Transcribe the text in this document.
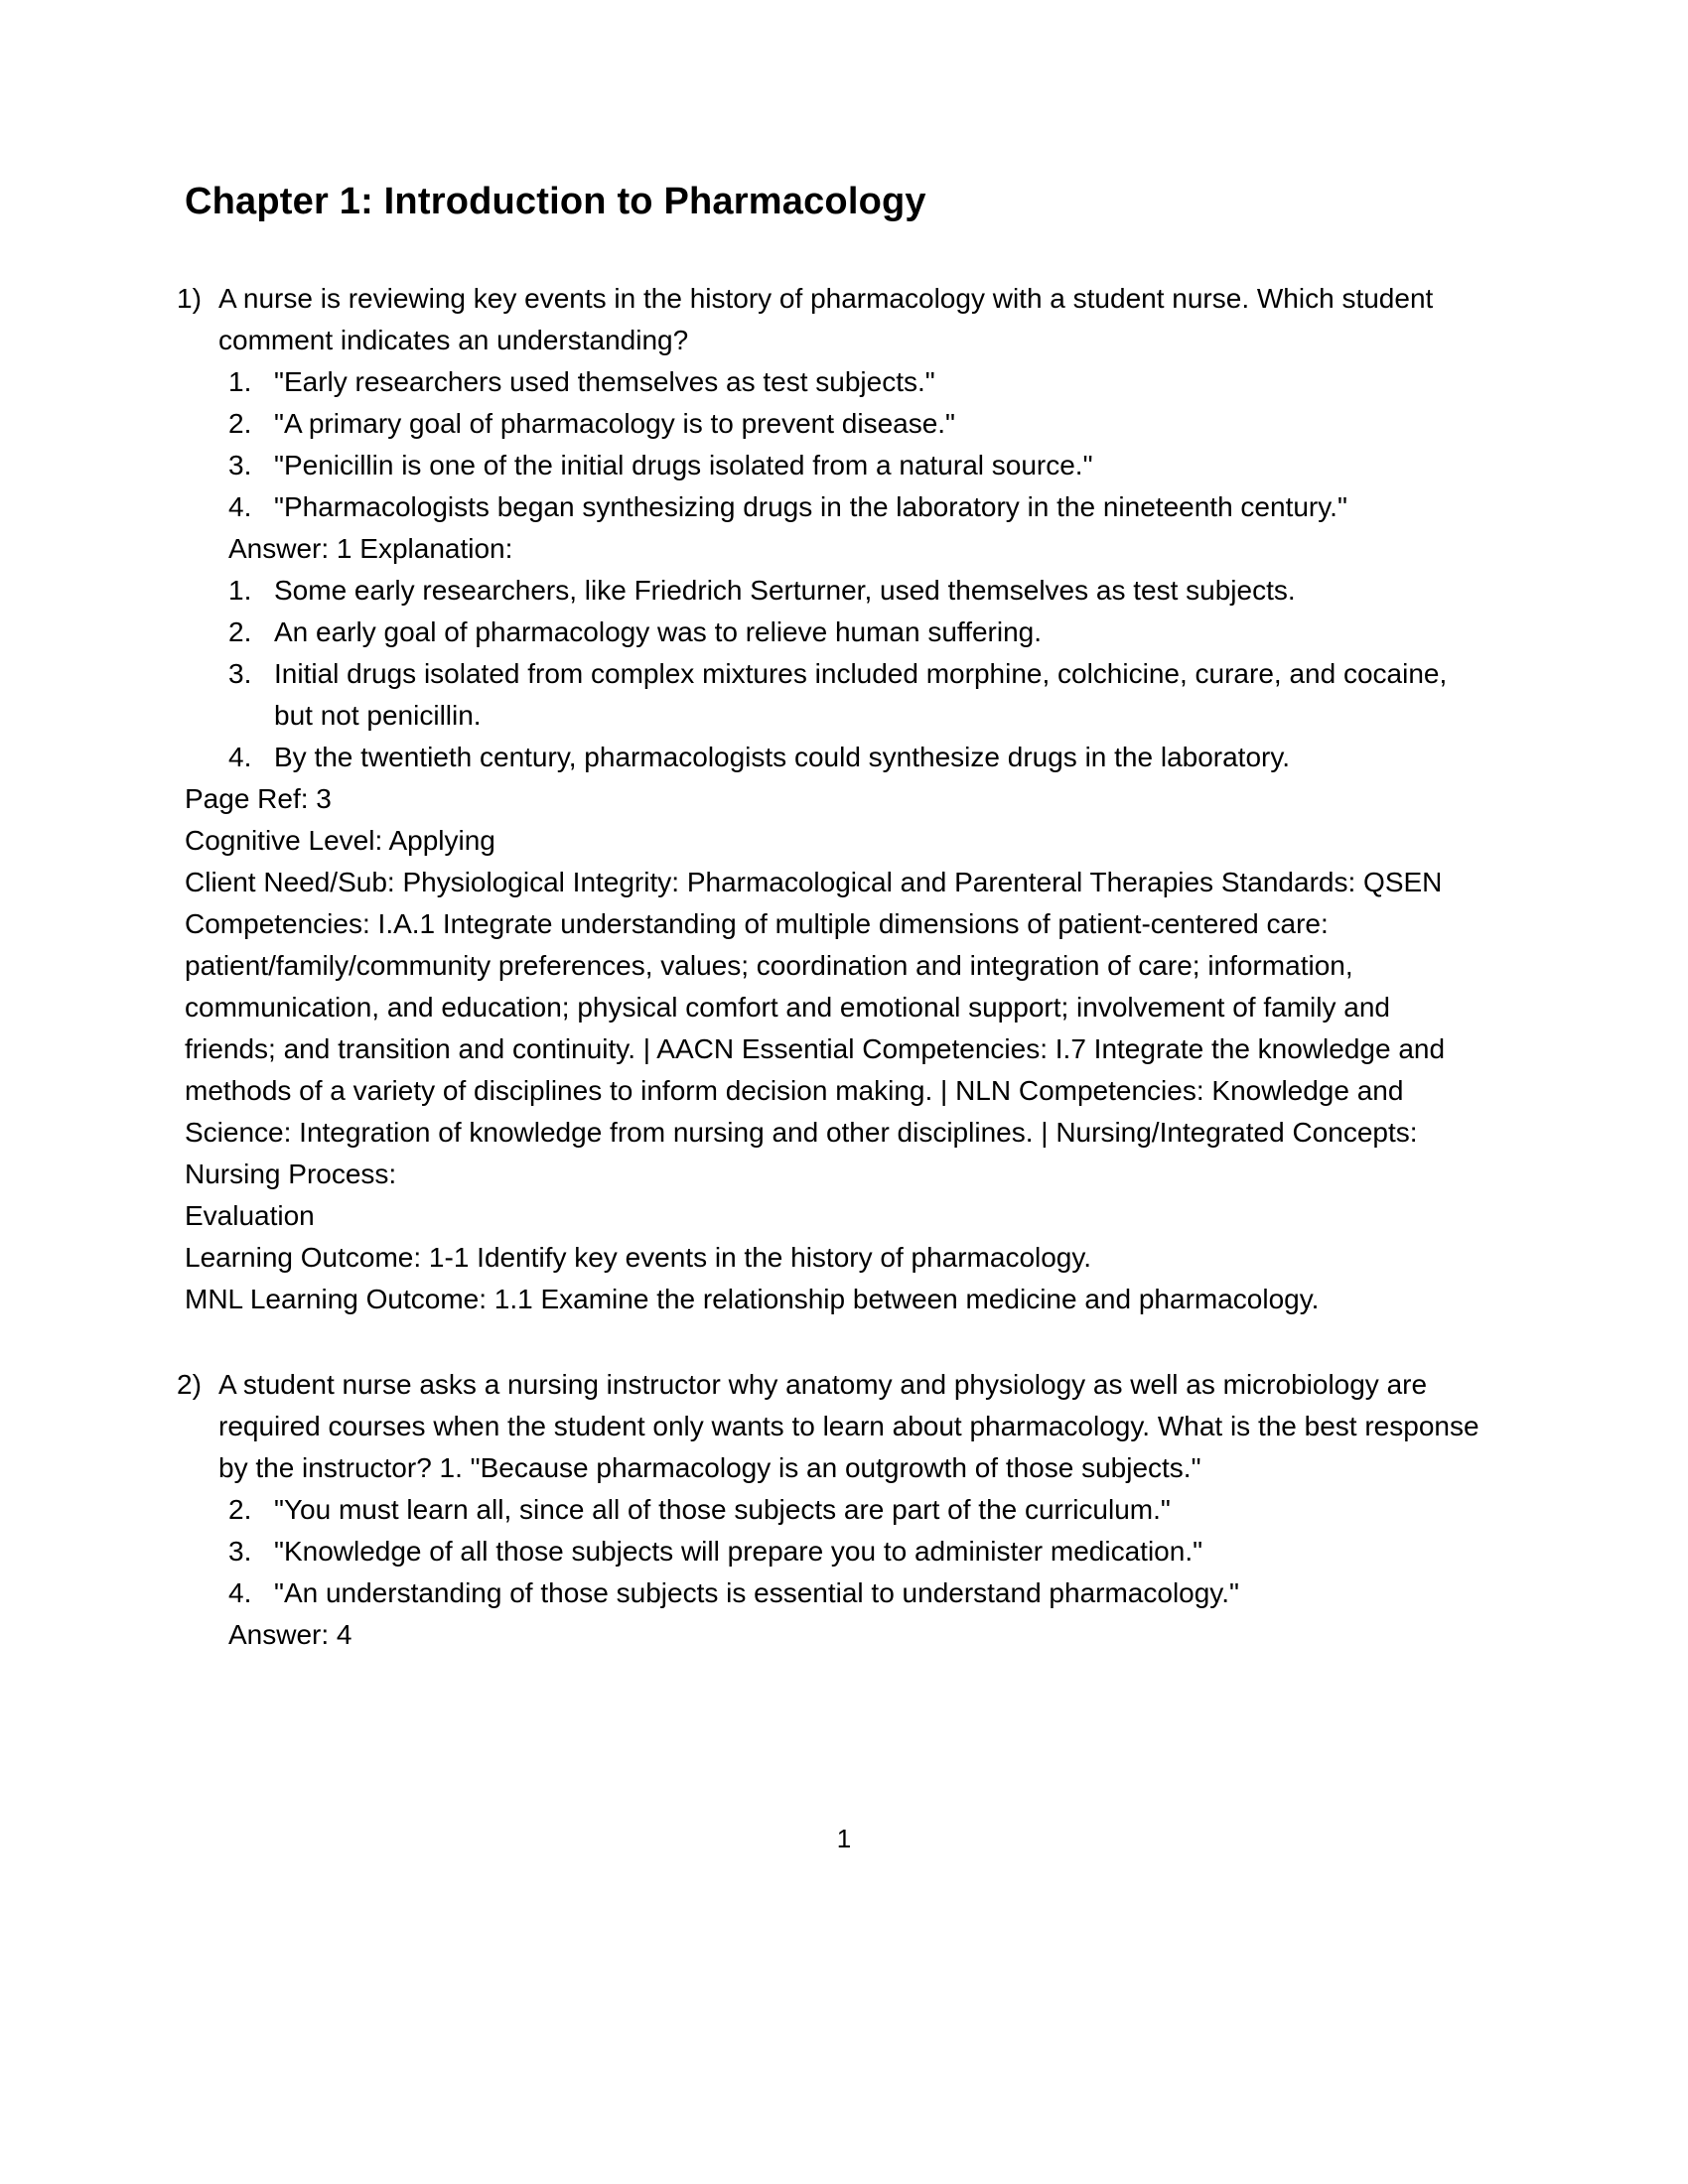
Chapter 1: Introduction to Pharmacology
1) A nurse is reviewing key events in the history of pharmacology with a student nurse. Which student comment indicates an understanding?
1. "Early researchers used themselves as test subjects."
2. "A primary goal of pharmacology is to prevent disease."
3. "Penicillin is one of the initial drugs isolated from a natural source."
4. "Pharmacologists began synthesizing drugs in the laboratory in the nineteenth century."
Answer: 1 Explanation:
1. Some early researchers, like Friedrich Serturner, used themselves as test subjects.
2. An early goal of pharmacology was to relieve human suffering.
3. Initial drugs isolated from complex mixtures included morphine, colchicine, curare, and cocaine, but not penicillin.
4. By the twentieth century, pharmacologists could synthesize drugs in the laboratory.
Page Ref: 3
Cognitive Level: Applying
Client Need/Sub: Physiological Integrity: Pharmacological and Parenteral Therapies Standards: QSEN Competencies: I.A.1 Integrate understanding of multiple dimensions of patient-centered care: patient/family/community preferences, values; coordination and integration of care; information, communication, and education; physical comfort and emotional support; involvement of family and friends; and transition and continuity. | AACN Essential Competencies: I.7 Integrate the knowledge and methods of a variety of disciplines to inform decision making. | NLN Competencies: Knowledge and Science: Integration of knowledge from nursing and other disciplines. | Nursing/Integrated Concepts: Nursing Process:
Evaluation
Learning Outcome: 1-1 Identify key events in the history of pharmacology.
MNL Learning Outcome: 1.1 Examine the relationship between medicine and pharmacology.
2) A student nurse asks a nursing instructor why anatomy and physiology as well as microbiology are required courses when the student only wants to learn about pharmacology. What is the best response by the instructor? 1. "Because pharmacology is an outgrowth of those subjects."
2. "You must learn all, since all of those subjects are part of the curriculum."
3. "Knowledge of all those subjects will prepare you to administer medication."
4. "An understanding of those subjects is essential to understand pharmacology."
Answer: 4
1
